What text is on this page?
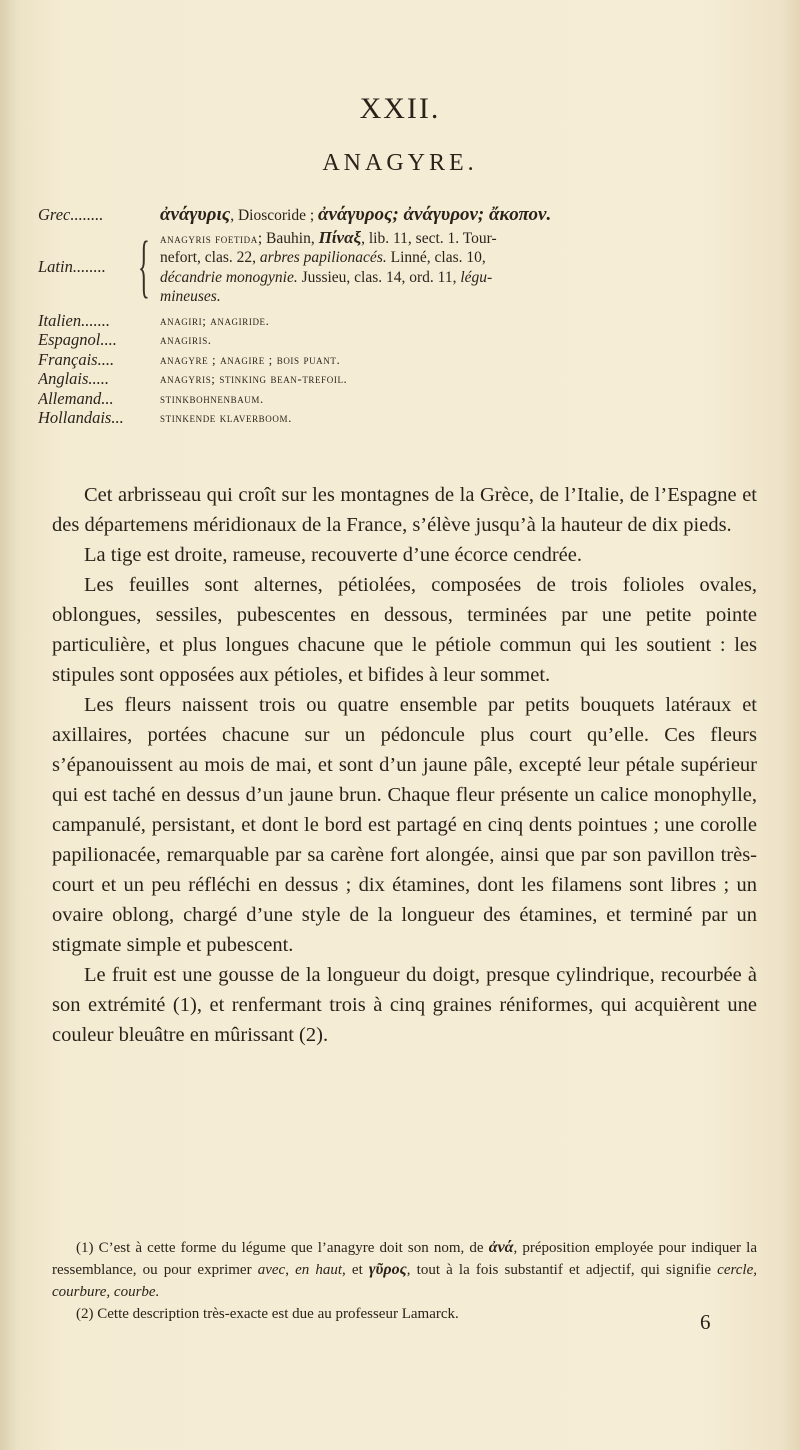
XXII.
ANAGYRE.
Grec........	ἀνάγυρις, Dioscoride ; ἀνάγυρος; ἀνάγυρον; ἄκοπον.
Latin........ { anagyris foetida; Bauhin, Πίναξ, lib. 11, sect. 1. Tour-
nefort, clas. 22, arbres papilionacés. Linné, clas. 10,
décandrie monogynie. Jussieu, clas. 14, ord. 11, légu-
mineuses.
Italien.......	anagiri; anagiride.
Espagnol....	anagiris.
Français....	anagyre ; anagire ; bois puant.
Anglais.....	anagyris; stinking bean-trefoil.
Allemand...	stinkbohnenbaum.
Hollandais...	stinkende klaverboom.

Cet arbrisseau qui croît sur les montagnes de la Grèce, de l’Italie, de l’Espagne et des départemens méridionaux de la France, s’élève jusqu’à la hauteur de dix pieds.

La tige est droite, rameuse, recouverte d’une écorce cendrée.

Les feuilles sont alternes, pétiolées, composées de trois folioles ovales, oblongues, sessiles, pubescentes en dessous, terminées par une petite pointe particulière, et plus longues chacune que le pétiole commun qui les soutient : les stipules sont opposées aux pétioles, et bifides à leur sommet.

Les fleurs naissent trois ou quatre ensemble par petits bouquets latéraux et axillaires, portées chacune sur un pédoncule plus court qu’elle. Ces fleurs s’épanouissent au mois de mai, et sont d’un jaune pâle, excepté leur pétale supérieur qui est taché en dessus d’un jaune brun. Chaque fleur présente un calice monophylle, campanulé, persistant, et dont le bord est partagé en cinq dents pointues ; une corolle papilionacée, remarquable par sa carène fort alongée, ainsi que par son pavillon très-court et un peu réfléchi en dessus ; dix étamines, dont les filamens sont libres ; un ovaire oblong, chargé d’une style de la longueur des étamines, et terminé par un stigmate simple et pubescent.

Le fruit est une gousse de la longueur du doigt, presque cylindrique, recourbée à son extrémité (1), et renfermant trois à cinq graines réniformes, qui acquièrent une couleur bleuâtre en mûrissant (2).

(1) C’est à cette forme du légume que l’anagyre doit son nom, de ἀνά, préposition employée pour indiquer la ressemblance, ou pour exprimer avec, en haut, et γῦρος, tout à la fois substantif et adjectif, qui signifie cercle, courbure, courbe.

(2) Cette description très-exacte est due au professeur Lamarck.	6
